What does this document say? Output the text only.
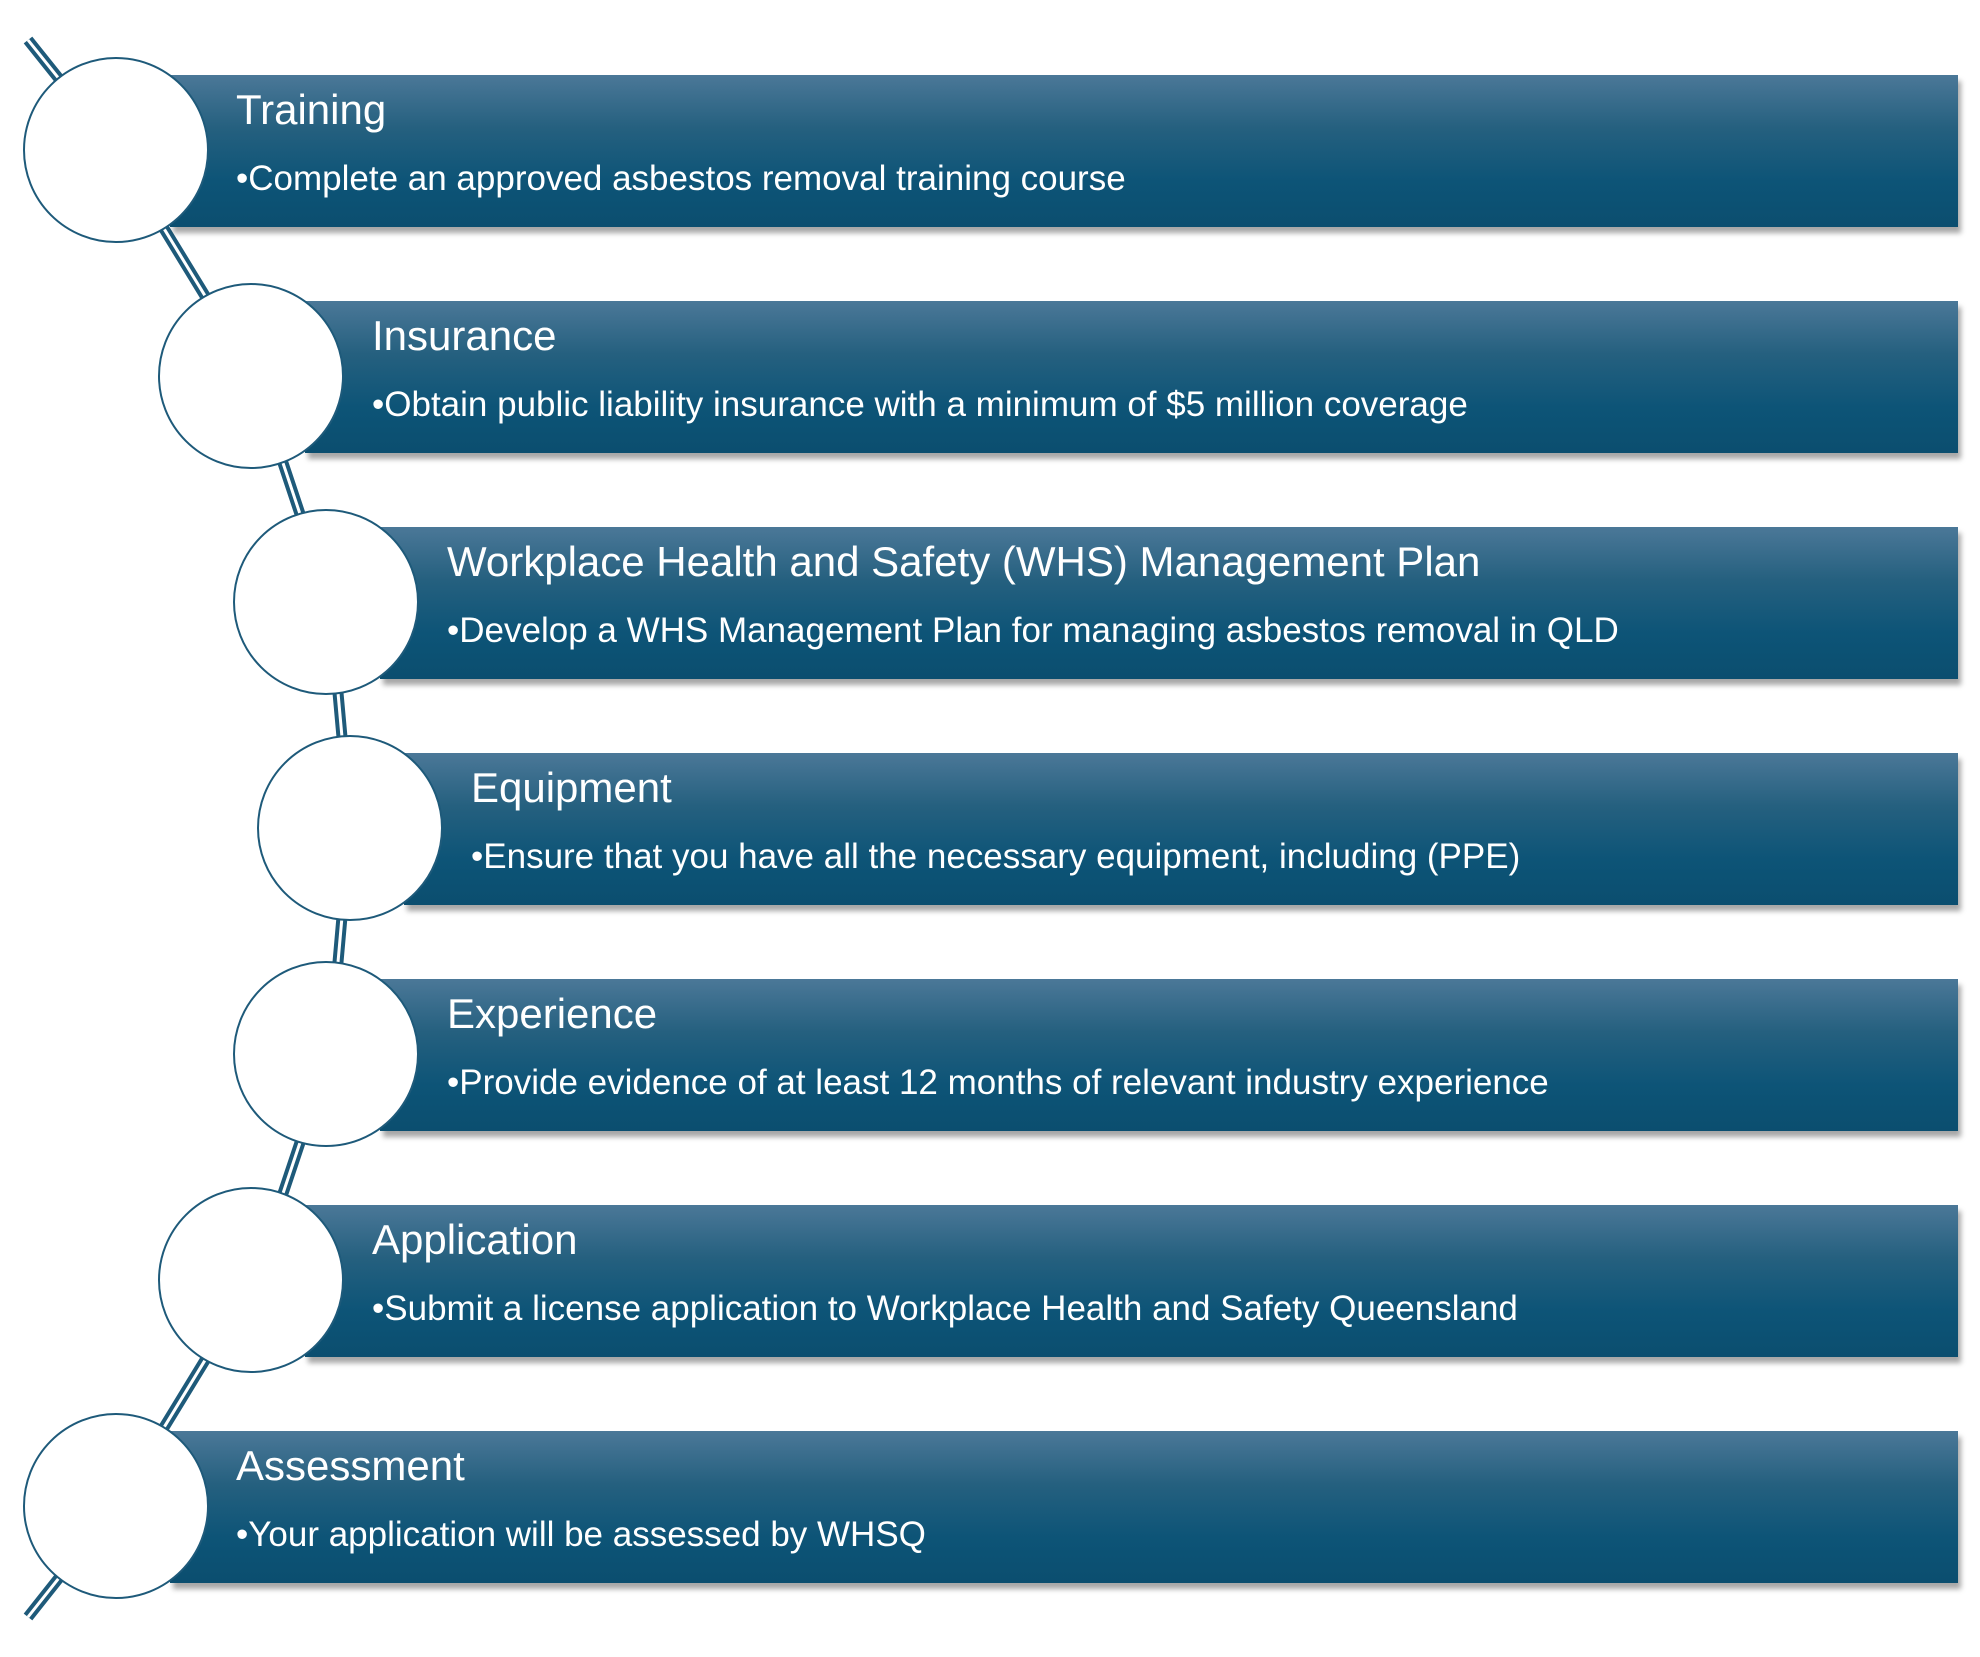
Training
•Complete an approved asbestos removal training course
Insurance
•Obtain public liability insurance with a minimum of $5 million coverage
Workplace Health and Safety (WHS) Management Plan
•Develop a WHS Management Plan for managing asbestos removal in QLD
Equipment
•Ensure that you have all the necessary equipment, including (PPE)
Experience
•Provide evidence of at least 12 months of relevant industry experience
Application
•Submit a license application to Workplace Health and Safety Queensland
Assessment
•Your application will be assessed by WHSQ
